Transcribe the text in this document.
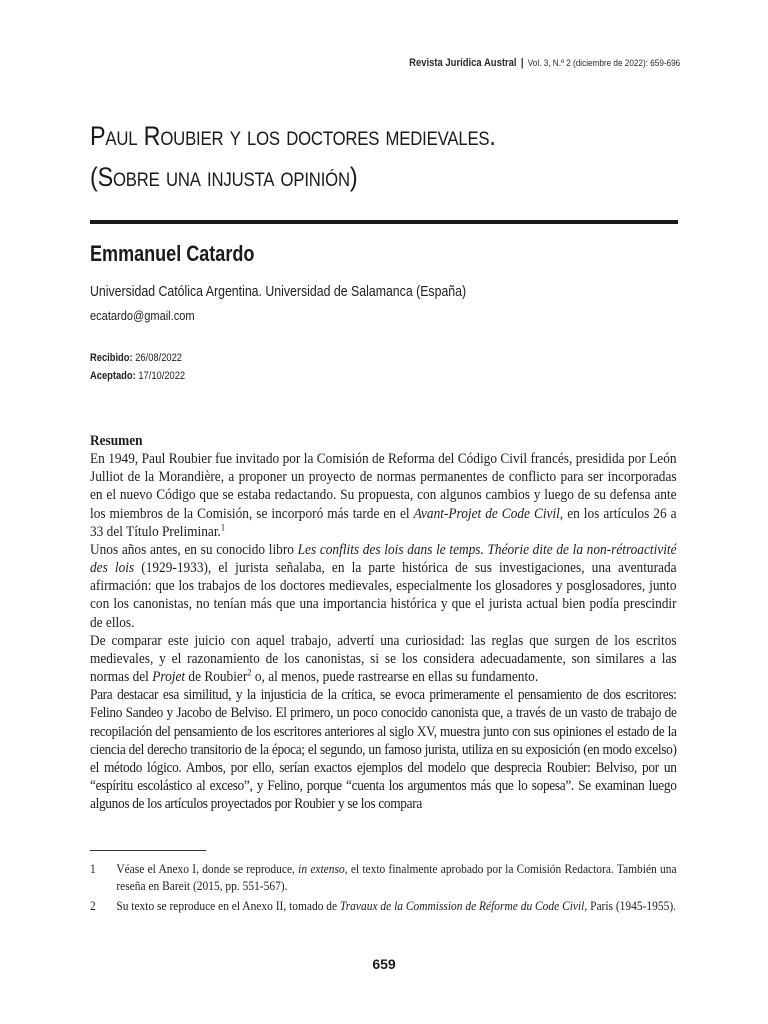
Revista Jurídica Austral | Vol. 3, N.º 2 (diciembre de 2022): 659-696
Paul Roubier y los doctores medievales.
(Sobre una injusta opinión)
Emmanuel Catardo
Universidad Católica Argentina. Universidad de Salamanca (España)
ecatardo@gmail.com
Recibido: 26/08/2022
Aceptado: 17/10/2022
Resumen

En 1949, Paul Roubier fue invitado por la Comisión de Reforma del Código Civil francés, presidida por León Julliot de la Morandière, a proponer un proyecto de normas permanentes de conflicto para ser incorporadas en el nuevo Código que se estaba redactando. Su propuesta, con algunos cambios y luego de su defensa ante los miembros de la Comisión, se incorporó más tarde en el Avant-Projet de Code Civil, en los artículos 26 a 33 del Título Preliminar.$^1$

Unos años antes, en su conocido libro Les conflits des lois dans le temps. Théorie dite de la non-rétroactivité des lois (1929-1933), el jurista señalaba, en la parte histórica de sus investigaciones, una aventurada afirmación: que los trabajos de los doctores medievales, especialmente los glosadores y posglosadores, junto con los canonistas, no tenían más que una importancia histórica y que el jurista actual bien podía prescindir de ellos.

De comparar este juicio con aquel trabajo, advertí una curiosidad: las reglas que surgen de los escritos medievales, y el razonamiento de los canonistas, si se los considera adecuadamente, son similares a las normas del Projet de Roubier$^2$ o, al menos, puede rastrearse en ellas su fundamento.

Para destacar esa similitud, y la injusticia de la crítica, se evoca primeramente el pensamiento de dos escritores: Felino Sandeo y Jacobo de Belviso. El primero, un poco conocido canonista que, a través de un vasto de trabajo de recopilación del pensamiento de los escritores anteriores al siglo XV, muestra junto con sus opiniones el estado de la ciencia del derecho transitorio de la época; el segundo, un famoso jurista, utiliza en su exposición (en modo excelso) el método lógico. Ambos, por ello, serían exactos ejemplos del modelo que desprecia Roubier: Belviso, por un “espíritu escolástico al exceso”, y Felino, porque “cuenta los argumentos más que lo sopesa”. Se examinan luego algunos de los artículos proyectados por Roubier y se los compara

1	Véase el Anexo I, donde se reproduce, in extenso, el texto finalmente aprobado por la Comisión Redactora. También una reseña en Bareit (2015, pp. 551-567).
2	Su texto se reproduce en el Anexo II, tomado de Travaux de la Commission de Réforme du Code Civil, París (1945-1955).
659
